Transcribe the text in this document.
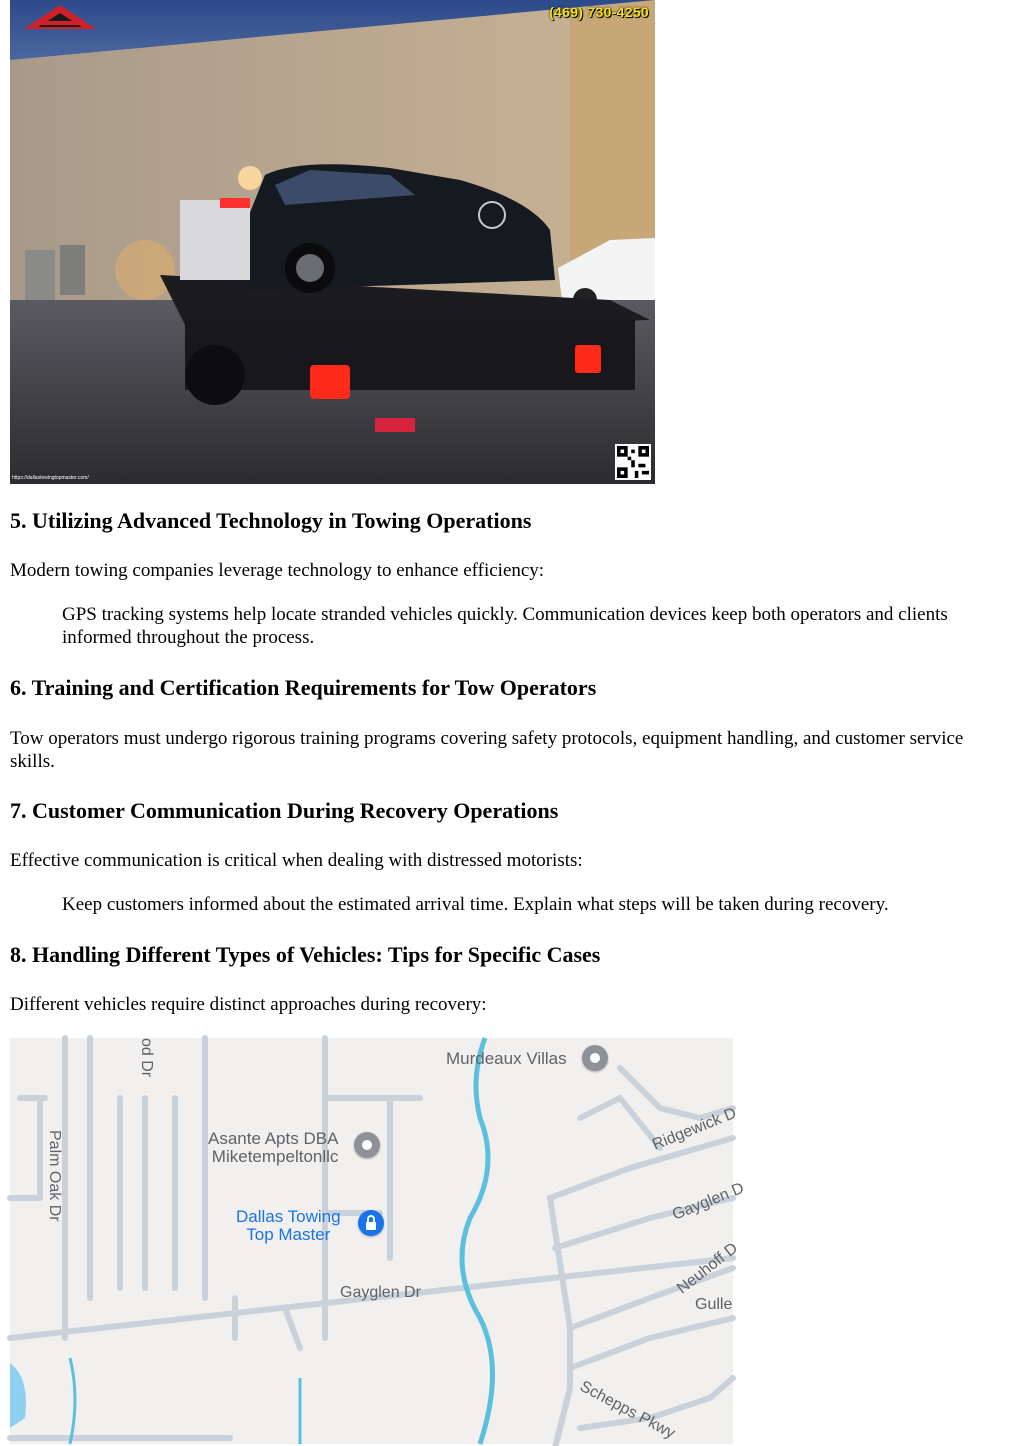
(469) 730-4250
https://dallastowingtopmaster.com/
5. Utilizing Advanced Technology in Towing Operations

Modern towing companies leverage technology to enhance efficiency:

GPS tracking systems help locate stranded vehicles quickly. Communication devices keep both operators and clients informed throughout the process.

6. Training and Certification Requirements for Tow Operators

Tow operators must undergo rigorous training programs covering safety protocols, equipment handling, and customer service skills.

7. Customer Communication During Recovery Operations

Effective communication is critical when dealing with distressed motorists:

Keep customers informed about the estimated arrival time. Explain what steps will be taken during recovery.

8. Handling Different Types of Vehicles: Tips for Specific Cases

Different vehicles require distinct approaches during recovery:

Palm Oak Dr
od Dr
Gayglen Dr
Ridgewick D
Gayglen D
Neuhoff D
Gulle
Schepps Pkwy
Murdeaux Villas
Asante Apts DBA
Miketempeltonllc
Dallas Towing
Top Master
